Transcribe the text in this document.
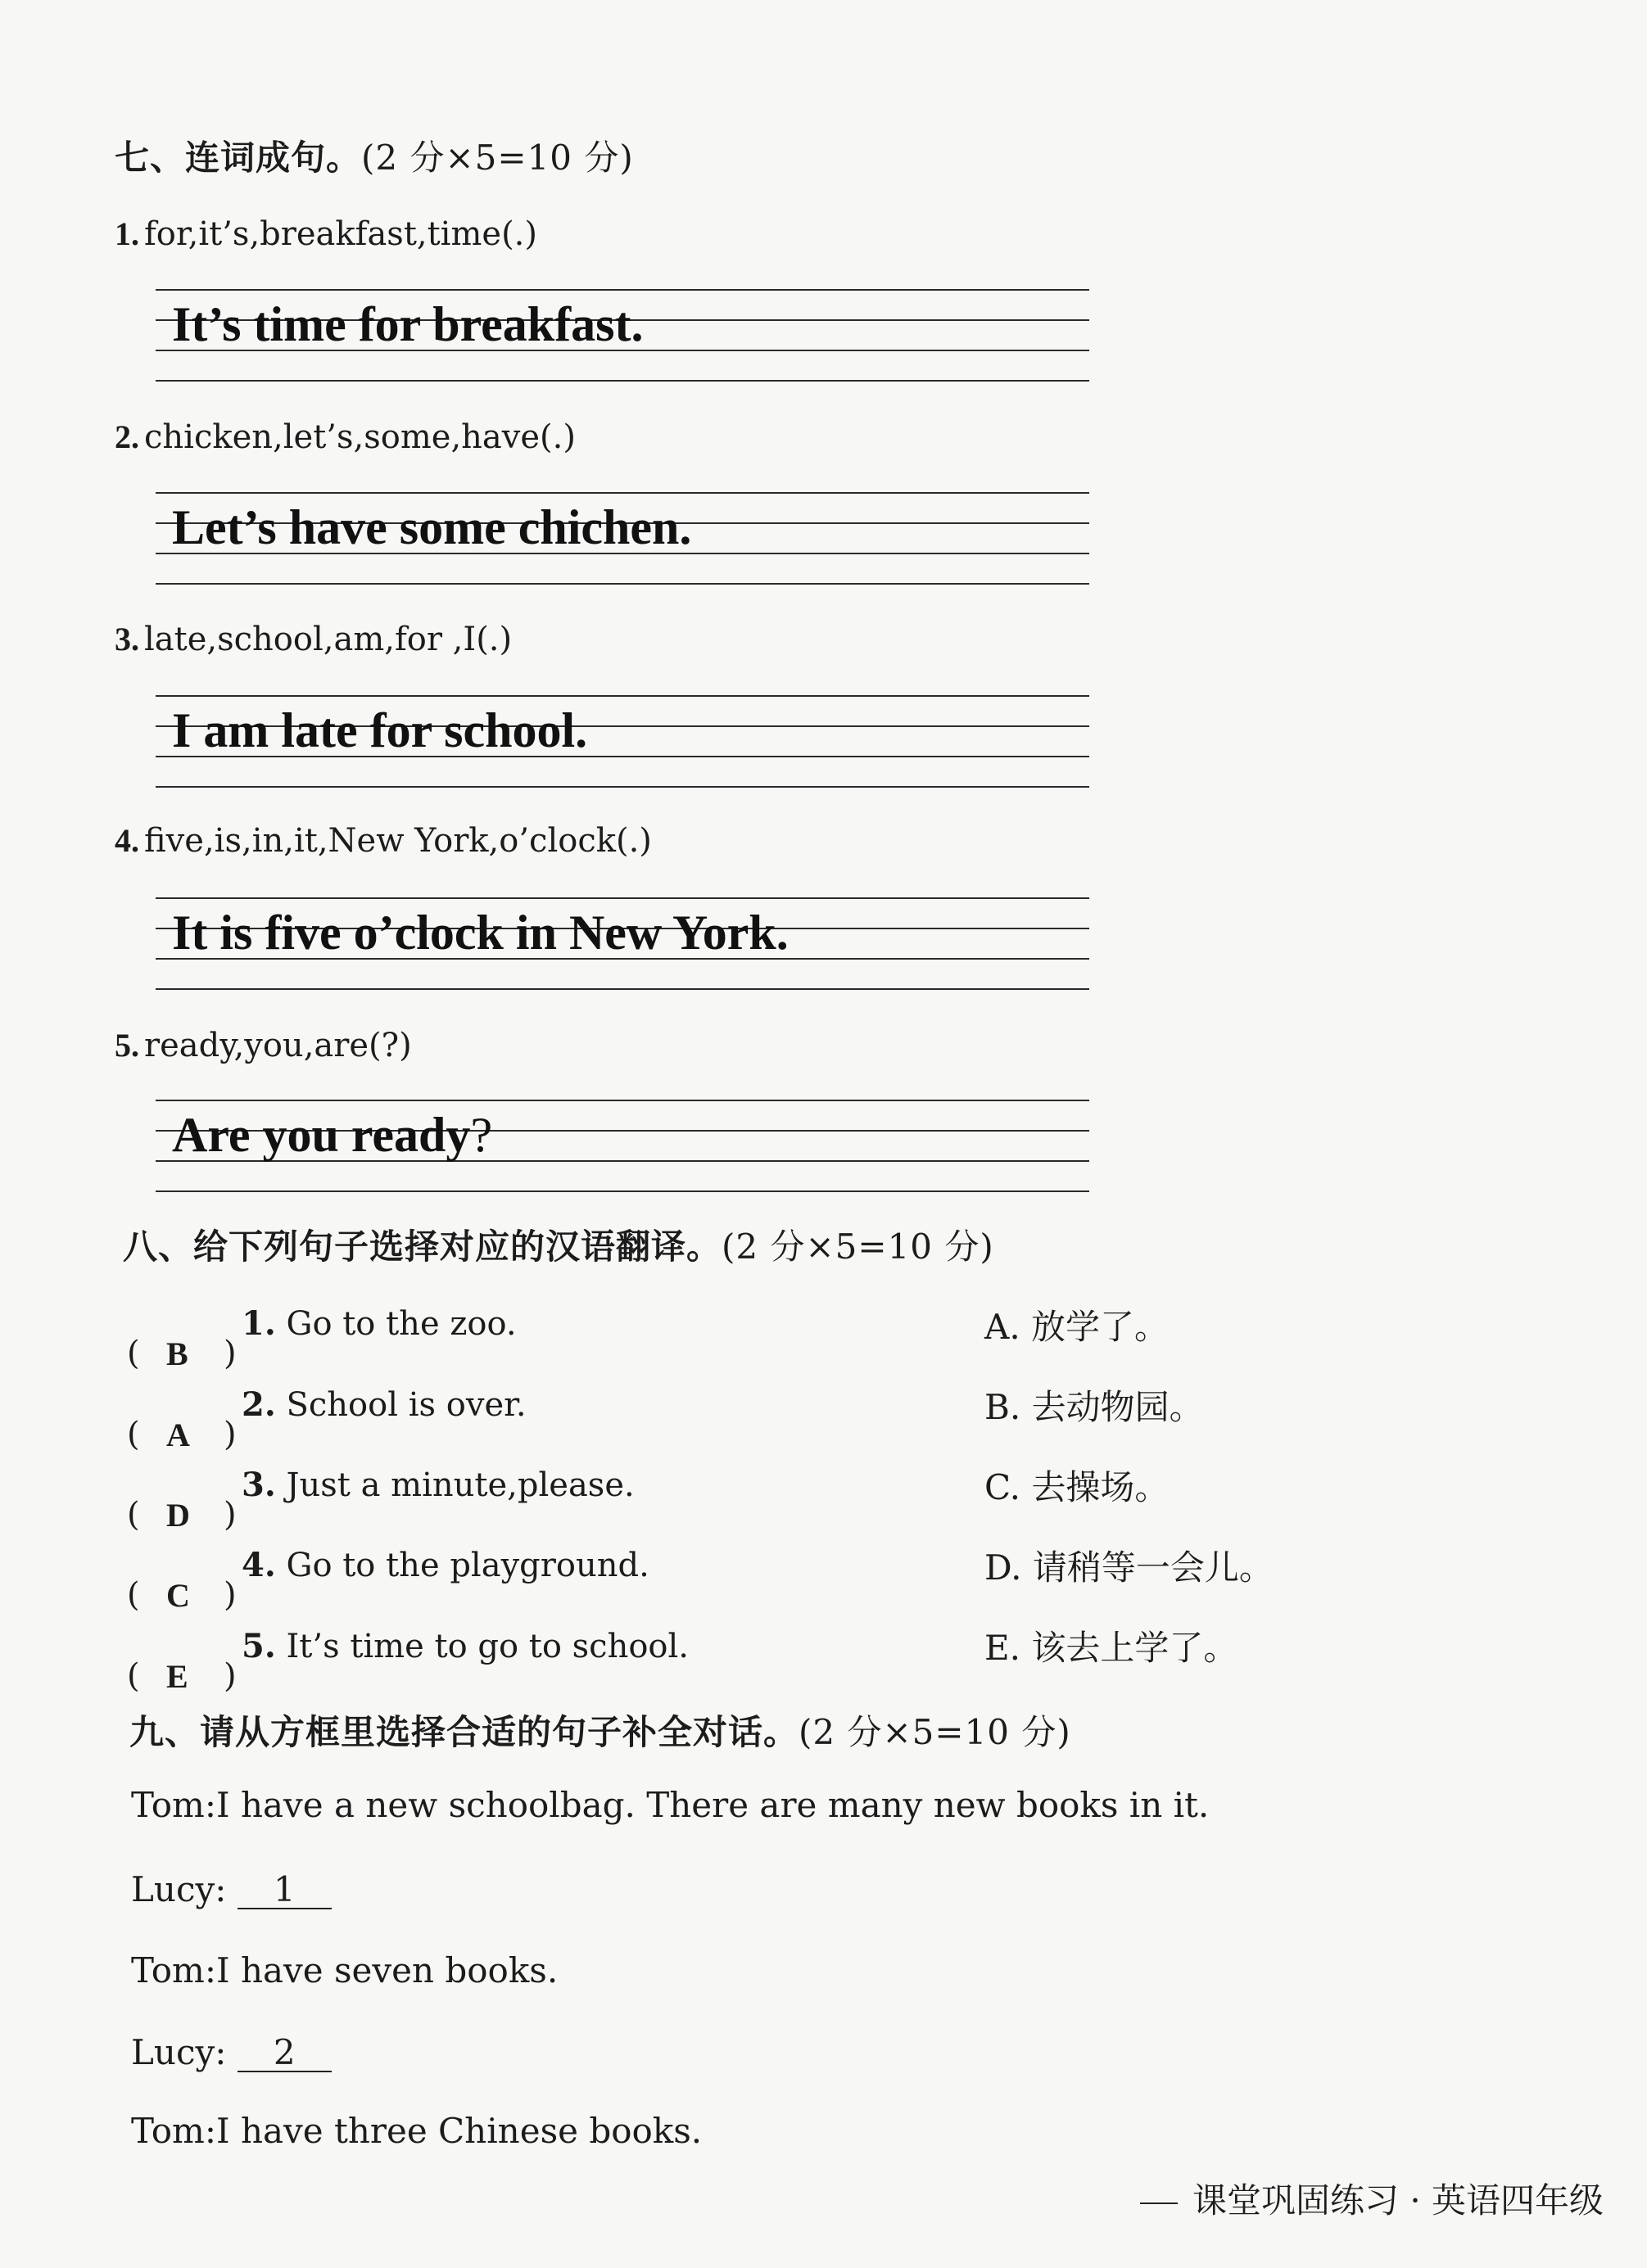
七、连词成句。(2 分×5=10 分)
1. for,it’s,breakfast,time(.)
It’s time for breakfast.
2. chicken,let’s,some,have(.)
Let’s have some chichen.
3. late,school,am,for ,I(.)
I am late for school.
4. five,is,in,it,New York,o’clock(.)
It is five o’clock in New York.
5. ready,you,are(?)
Are you ready?
八、给下列句子选择对应的汉语翻译。(2 分×5=10 分)
( B )
1. Go to the zoo.
( A )
2. School is over.
( D )
3. Just a minute,please.
( C )
4. Go to the playground.
( E )
5. It’s time to go to school.
A. 放学了。
B. 去动物园。
C. 去操场。
D. 请稍等一会儿。
E. 该去上学了。
九、请从方框里选择合适的句子补全对话。(2 分×5=10 分)
Tom:I have a new schoolbag. There are many new books in it.
Lucy: 1
Tom:I have seven books.
Lucy: 2
Tom:I have three Chinese books.
课堂巩固练习 · 英语四年级
